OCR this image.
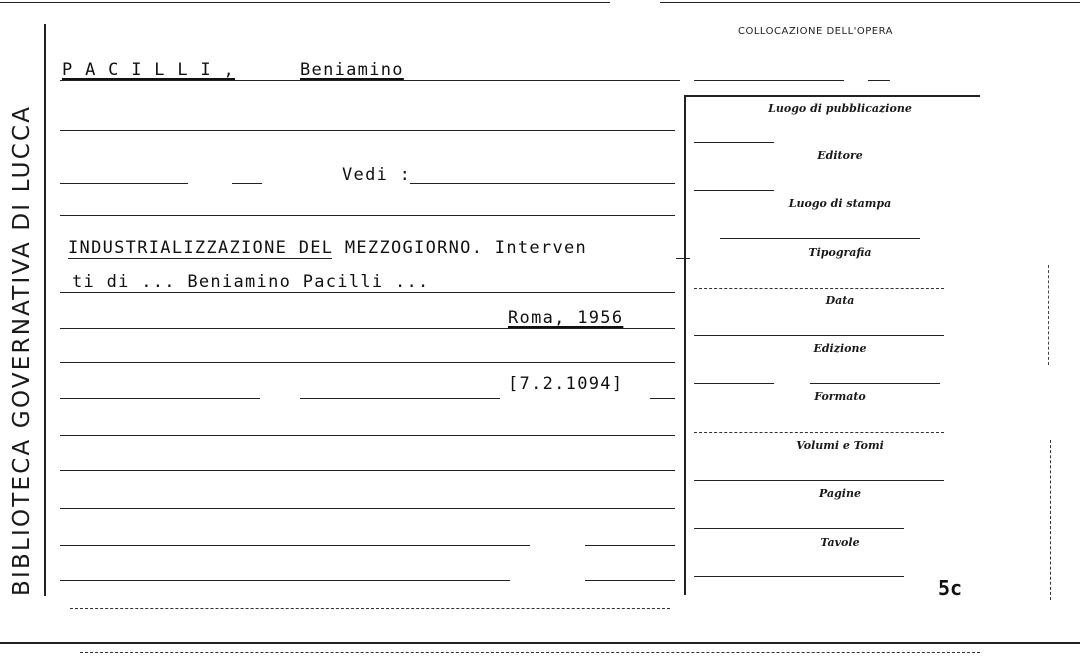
BIBLIOTECA GOVERNATIVA DI LUCCA
COLLOCAZIONE DELL'OPERA
P A C I L L I ,	Beniamino
Vedi :
INDUSTRIALIZZAZIONE DEL MEZZOGIORNO. Interven
ti di ... Beniamino Pacilli ...
Roma, 1956
[7.2.1094]
Luogo di pubblicazione
Editore
Luogo di stampa
Tipografia
Data
Edizione
Formato
Volumi e Tomi
Pagine
Tavole
5c
